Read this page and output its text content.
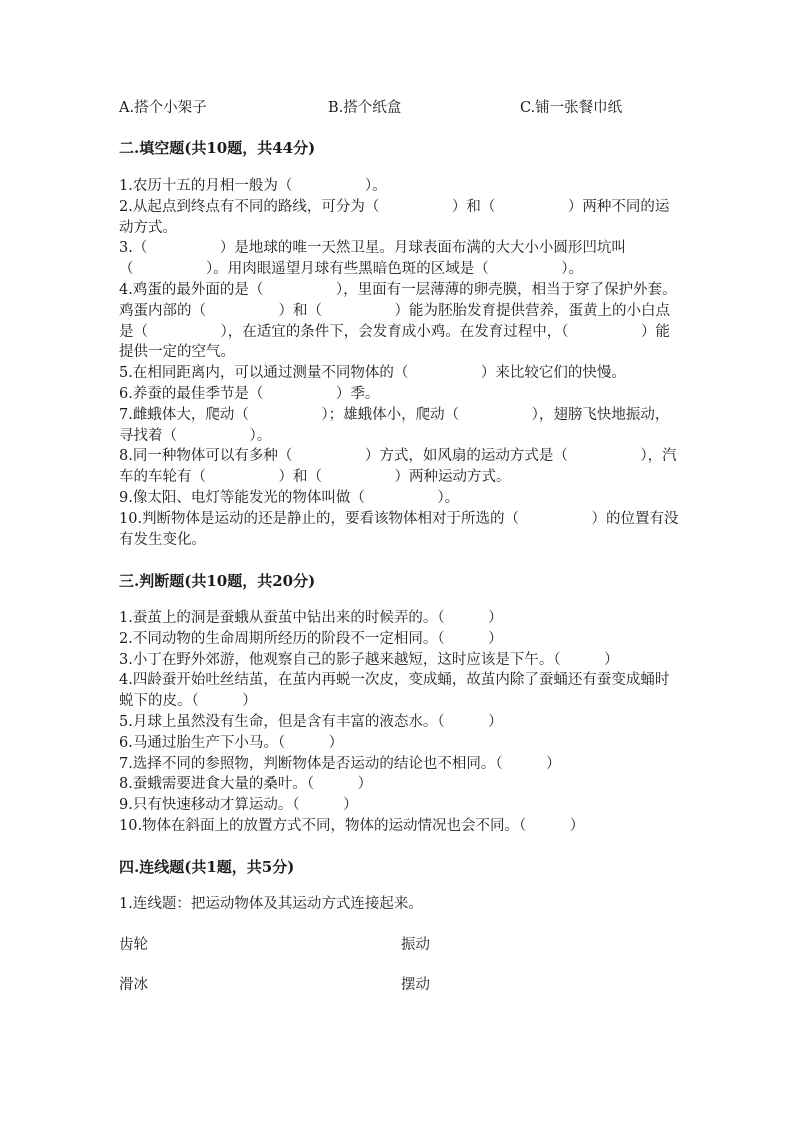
A.搭个小架子	B.搭个纸盒	C.铺一张餐巾纸
二.填空题(共10题，共44分)

1.农历十五的月相一般为（　　　　　）。

2.从起点到终点有不同的路线，可分为（　　　　　）和（　　　　　）两种不同的运动方式。

3.（　　　　　）是地球的唯一天然卫星。月球表面布满的大大小小圆形凹坑叫（　　　　　）。用肉眼遥望月球有些黑暗色斑的区域是（　　　　　）。

4.鸡蛋的最外面的是（　　　　　），里面有一层薄薄的卵壳膜，相当于穿了保护外套。鸡蛋内部的（　　　　　）和（　　　　　）能为胚胎发育提供营养，蛋黄上的小白点是（　　　　　），在适宜的条件下，会发育成小鸡。在发育过程中，（　　　　　）能提供一定的空气。

5.在相同距离内，可以通过测量不同物体的（　　　　　）来比较它们的快慢。

6.养蚕的最佳季节是（　　　　　）季。

7.雌蛾体大，爬动（　　　　　）；雄蛾体小，爬动（　　　　　），翅膀飞快地振动，寻找着（　　　　　）。

8.同一种物体可以有多种（　　　　　）方式，如风扇的运动方式是（　　　　　），汽车的车轮有（　　　　　）和（　　　　　）两种运动方式。

9.像太阳、电灯等能发光的物体叫做（　　　　　）。

10.判断物体是运动的还是静止的，要看该物体相对于所选的（　　　　　）的位置有没有发生变化。

三.判断题(共10题，共20分)

1.蚕茧上的洞是蚕蛾从蚕茧中钻出来的时候弄的。（　　　）

2.不同动物的生命周期所经历的阶段不一定相同。（　　　）

3.小丁在野外郊游，他观察自己的影子越来越短，这时应该是下午。（　　　）

4.四龄蚕开始吐丝结茧，在茧内再蜕一次皮，变成蛹，故茧内除了蚕蛹还有蚕变成蛹时蜕下的皮。（　　　）

5.月球上虽然没有生命，但是含有丰富的液态水。（　　　）

6.马通过胎生产下小马。（　　　）

7.选择不同的参照物，判断物体是否运动的结论也不相同。（　　　）

8.蚕蛾需要进食大量的桑叶。（　　　）

9.只有快速移动才算运动。（　　　）

10.物体在斜面上的放置方式不同，物体的运动情况也会不同。（　　　）

四.连线题(共1题，共5分)
1.连线题：把运动物体及其运动方式连接起来。
齿轮	振动
滑冰	摆动
